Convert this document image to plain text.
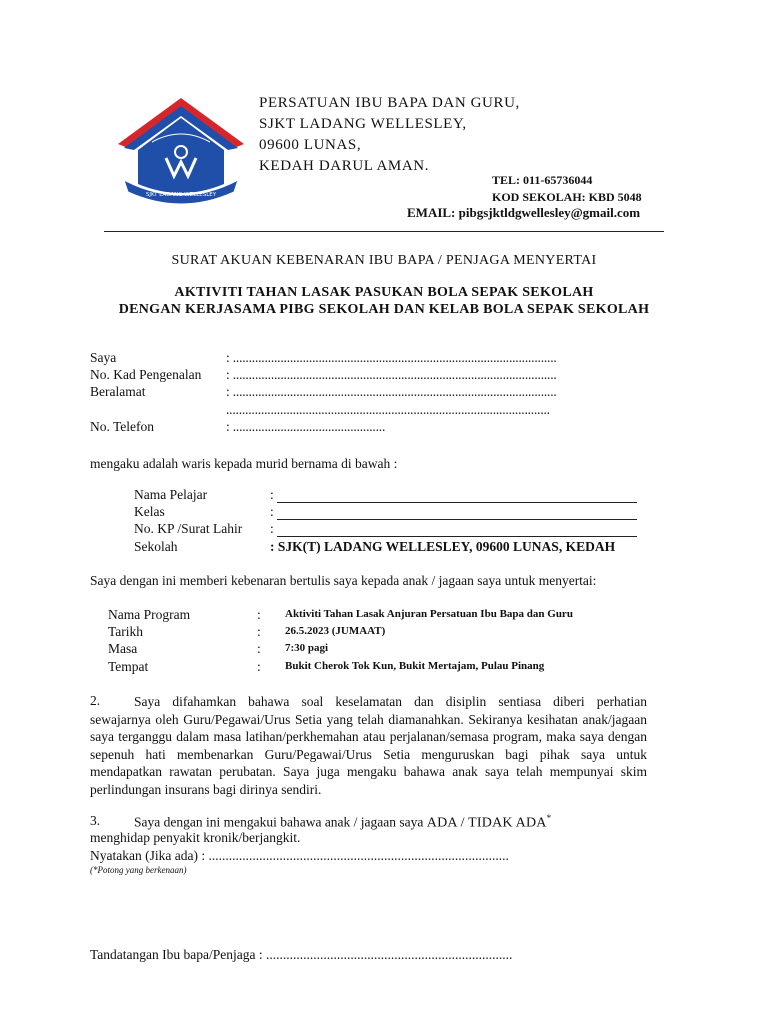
SJKT LADANG WELLESLEY
PERSATUAN IBU BAPA DAN GURU,
SJKT LADANG WELLESLEY,
09600 LUNAS,
KEDAH DARUL AMAN.
TEL: 011-65736044
KOD SEKOLAH: KBD 5048
EMAIL: pibgsjktldgwellesley@gmail.com
SURAT AKUAN KEBENARAN IBU BAPA / PENJAGA MENYERTAI
AKTIVITI TAHAN LASAK PASUKAN BOLA SEPAK SEKOLAH
DENGAN KERJASAMA PIBG SEKOLAH DAN KELAB BOLA SEPAK SEKOLAH
Saya	: ......................................................................................................
No. Kad Pengenalan : ......................................................................................................
Beralamat	: ......................................................................................................
......................................................................................................
No. Telefon	: ................................................
mengaku adalah waris kepada murid bernama di bawah :
Nama Pelajar	:
Kelas	:
No. KP /Surat Lahir :
Sekolah	: SJK(T) LADANG WELLESLEY, 09600 LUNAS, KEDAH
Saya dengan ini memberi kebenaran bertulis saya kepada anak / jagaan saya untuk menyertai:
Nama Program	: Aktiviti Tahan Lasak Anjuran Persatuan Ibu Bapa dan Guru
Tarikh	: 26.5.2023 (JUMAAT)
Masa	: 7:30 pagi
Tempat	: Bukit Cherok Tok Kun, Bukit Mertajam, Pulau Pinang
2.	Saya difahamkan bahawa soal keselamatan dan disiplin sentiasa diberi perhatian
sewajarnya oleh Guru/Pegawai/Urus Setia yang telah diamanahkan. Sekiranya kesihatan anak/jagaan saya terganggu dalam masa latihan/perkhemahan atau perjalanan/semasa program, maka saya dengan sepenuh hati membenarkan Guru/Pegawai/Urus Setia menguruskan bagi pihak saya untuk mendapatkan rawatan perubatan. Saya juga mengaku bahawa anak saya telah mempunyai skim perlindungan insurans bagi dirinya sendiri.
3.	Saya dengan ini mengakui bahawa anak / jagaan saya ADA / TIDAK ADA*
menghidap penyakit kronik/berjangkit.
Nyatakan (Jika ada) : .........................................................................................
(*Potong yang berkenaan)
Tandatangan Ibu bapa/Penjaga : .........................................................................
